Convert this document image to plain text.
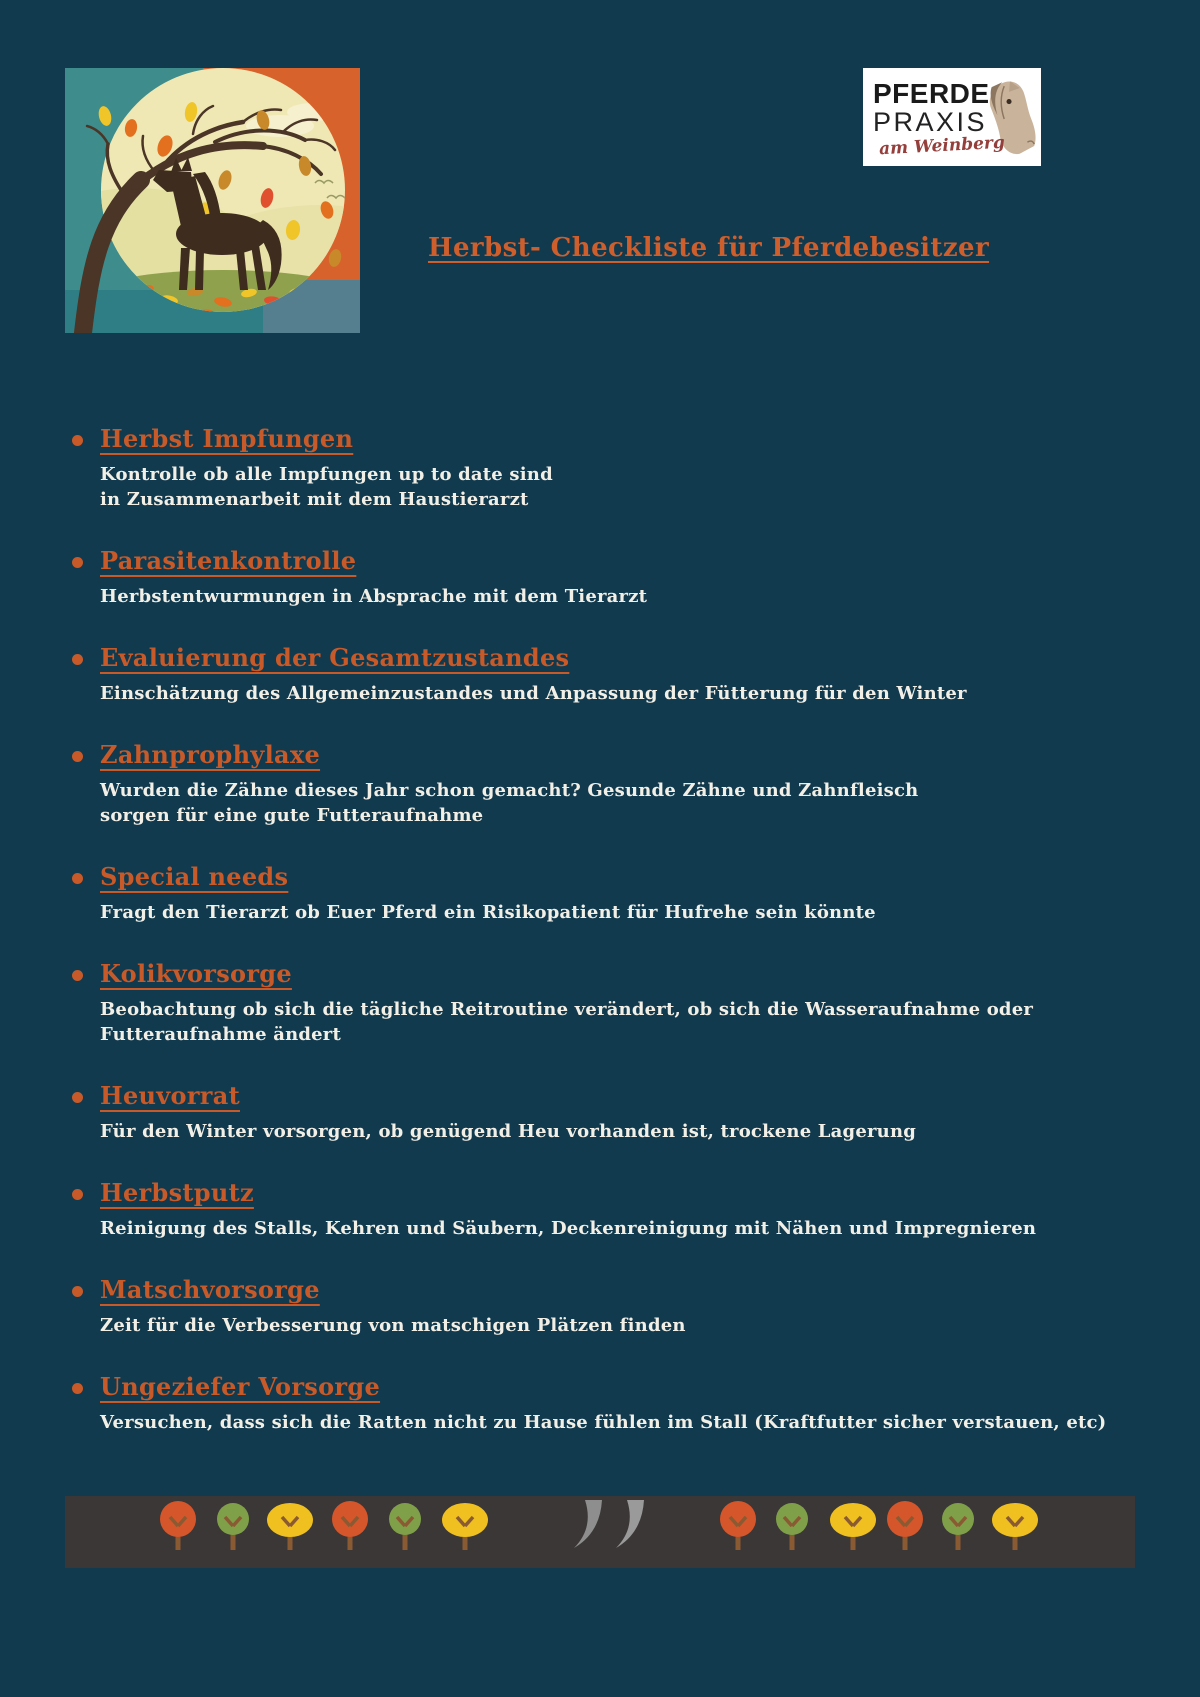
PFERDE
PRAXIS
am Weinberg
Herbst- Checkliste für Pferdebesitzer
Herbst Impfungen
Kontrolle ob alle Impfungen up to date sind
in Zusammenarbeit mit dem Haustierarzt
Parasitenkontrolle
Herbstentwurmungen in Absprache mit dem Tierarzt
Evaluierung der Gesamtzustandes
Einschätzung des Allgemeinzustandes und Anpassung der Fütterung für den Winter
Zahnprophylaxe
Wurden die Zähne dieses Jahr schon gemacht? Gesunde Zähne und Zahnfleisch
sorgen für eine gute Futteraufnahme
Special needs
Fragt den Tierarzt ob Euer Pferd ein Risikopatient für Hufrehe sein könnte
Kolikvorsorge
Beobachtung ob sich die tägliche Reitroutine verändert, ob sich die Wasseraufnahme oder
Futteraufnahme ändert
Heuvorrat
Für den Winter vorsorgen, ob genügend Heu vorhanden ist, trockene Lagerung
Herbstputz
Reinigung des Stalls, Kehren und Säubern, Deckenreinigung mit Nähen und Impregnieren
Matschvorsorge
Zeit für die Verbesserung von matschigen Plätzen finden
Ungeziefer Vorsorge
Versuchen, dass sich die Ratten nicht zu Hause fühlen im Stall (Kraftfutter sicher verstauen, etc)
